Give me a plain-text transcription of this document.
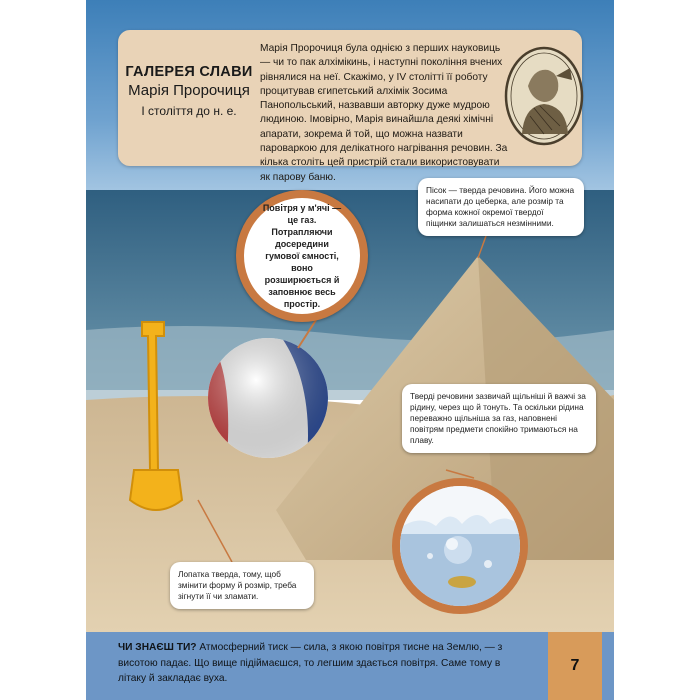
ГАЛЕРЕЯ СЛАВИ
Марія Пророчиця
I століття до н. е.
Марія Пророчиця була однією з перших науковиць — чи то пак алхімікинь, і наступні покоління вчених рівнялися на неї. Скажімо, у IV столітті її роботу процитував єгипетський алхімік Зосима Панопольський, назвавши авторку дуже мудрою людиною. Імовірно, Марія винайшла деякі хімічні апарати, зокрема й той, що можна назвати пароваркою для делікатного нагрівання речовин. За кілька століть цей пристрій стали використовувати як парову баню.
Пісок — тверда речовина. Його можна насипати до цеберка, але розмір та форма кожної окремої твердої піщинки залишаться незмінними.
Повітря у м'ячі — це газ. Потрапляючи досередини гумової ємності, воно розширюється й заповнює весь простір.
Тверді речовини зазвичай щільніші й важчі за рідину, через що й тонуть. Та оскільки рідина переважно щільніша за газ, наповнені повітрям предмети спокійно тримаються на плаву.
Лопатка тверда, тому, щоб змінити форму й розмір, треба зігнути її чи зламати.
ЧИ ЗНАЄШ ТИ? Атмосферний тиск — сила, з якою повітря тисне на Землю, — з висотою падає. Що вище підіймаєшся, то легшим здається повітря. Саме тому в літаку й закладає вуха.
7
